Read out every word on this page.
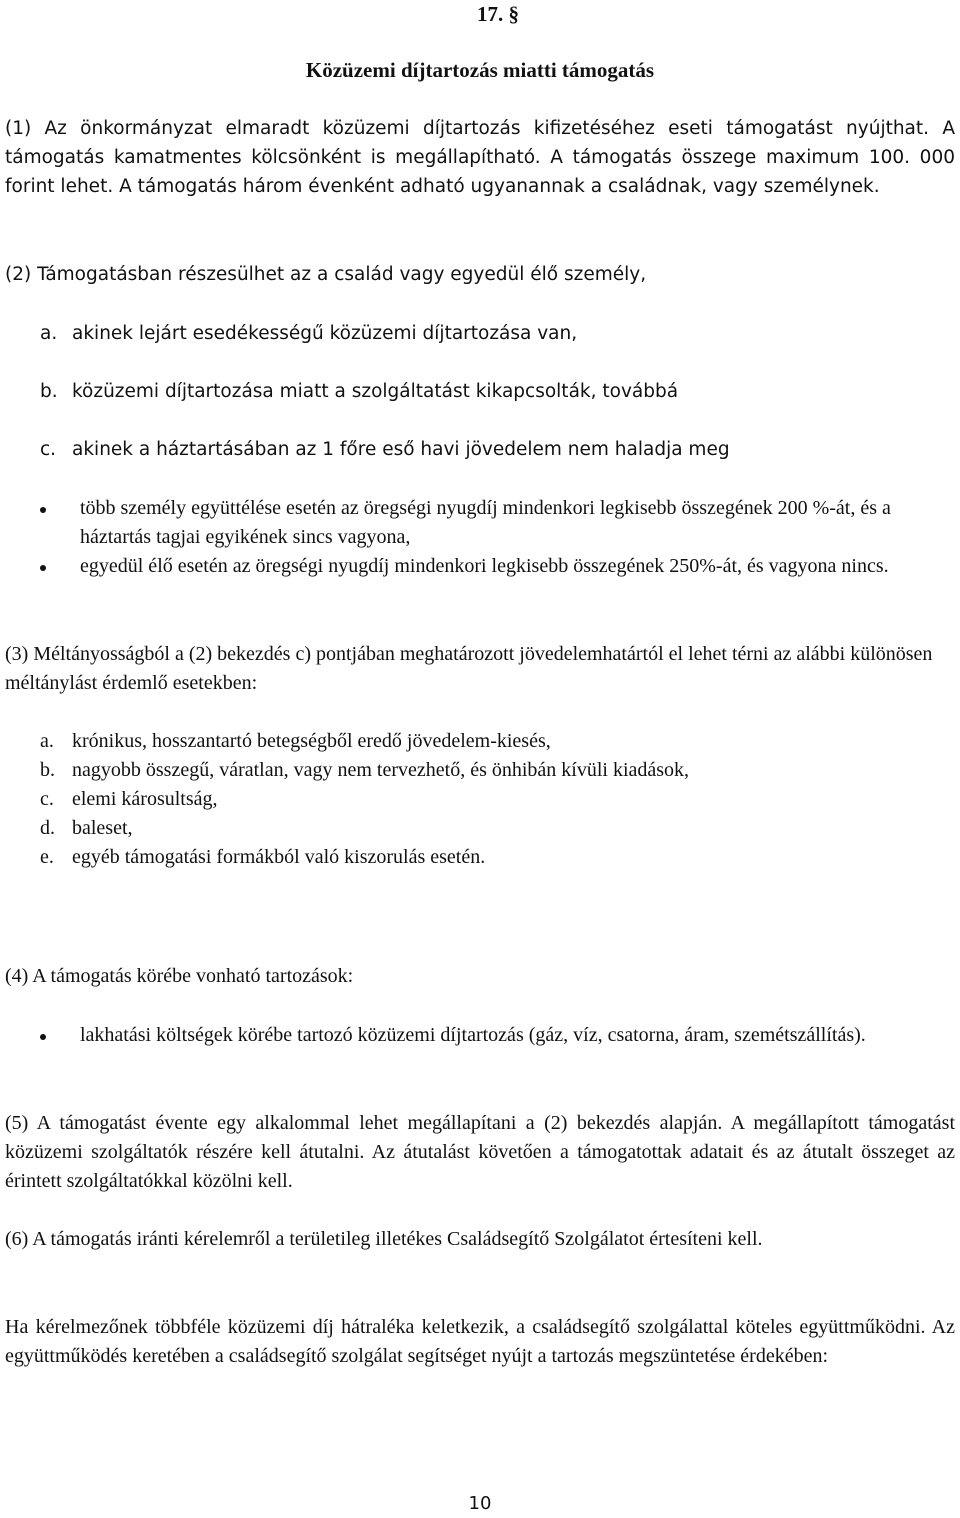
17. §
Közüzemi díjtartozás miatti támogatás

(1) Az önkormányzat elmaradt közüzemi díjtartozás kifizetéséhez eseti támogatást nyújthat. A támogatás kamatmentes kölcsönként is megállapítható. A támogatás összege maximum 100. 000 forint lehet. A támogatás három évenként adható ugyanannak a családnak, vagy személynek.

(2) Támogatásban részesülhet az a család vagy egyedül élő személy,

a. akinek lejárt esedékességű közüzemi díjtartozása van,
b. közüzemi díjtartozása miatt a szolgáltatást kikapcsolták, továbbá
c. akinek a háztartásában az 1 főre eső havi jövedelem nem haladja meg
több személy együttélése esetén az öregségi nyugdíj mindenkori legkisebb összegének 200 %-át, és a háztartás tagjai egyikének sincs vagyona,
egyedül élő esetén az öregségi nyugdíj mindenkori legkisebb összegének 250%-át, és vagyona nincs.

(3) Méltányosságból a (2) bekezdés c) pontjában meghatározott jövedelemhatártól el lehet térni az alábbi különösen méltánylást érdemlő esetekben:

a. krónikus, hosszantartó betegségből eredő jövedelem-kiesés,
b. nagyobb összegű, váratlan, vagy nem tervezhető, és önhibán kívüli kiadások,
c. elemi károsultság,
d. baleset,
e. egyéb támogatási formákból való kiszorulás esetén.

(4) A támogatás körébe vonható tartozások:

lakhatási költségek körébe tartozó közüzemi díjtartozás (gáz, víz, csatorna, áram, szemétszállítás).

(5) A támogatást évente egy alkalommal lehet megállapítani a (2) bekezdés alapján. A megállapított támogatást közüzemi szolgáltatók részére kell átutalni. Az átutalást követően a támogatottak adatait és az átutalt összeget az érintett szolgáltatókkal közölni kell.

(6) A támogatás iránti kérelemről a területileg illetékes Családsegítő Szolgálatot értesíteni kell.

Ha kérelmezőnek többféle közüzemi díj hátraléka keletkezik, a családsegítő szolgálattal köteles együttműködni. Az együttműködés keretében a családsegítő szolgálat segítséget nyújt a tartozás megszüntetése érdekében:

10
